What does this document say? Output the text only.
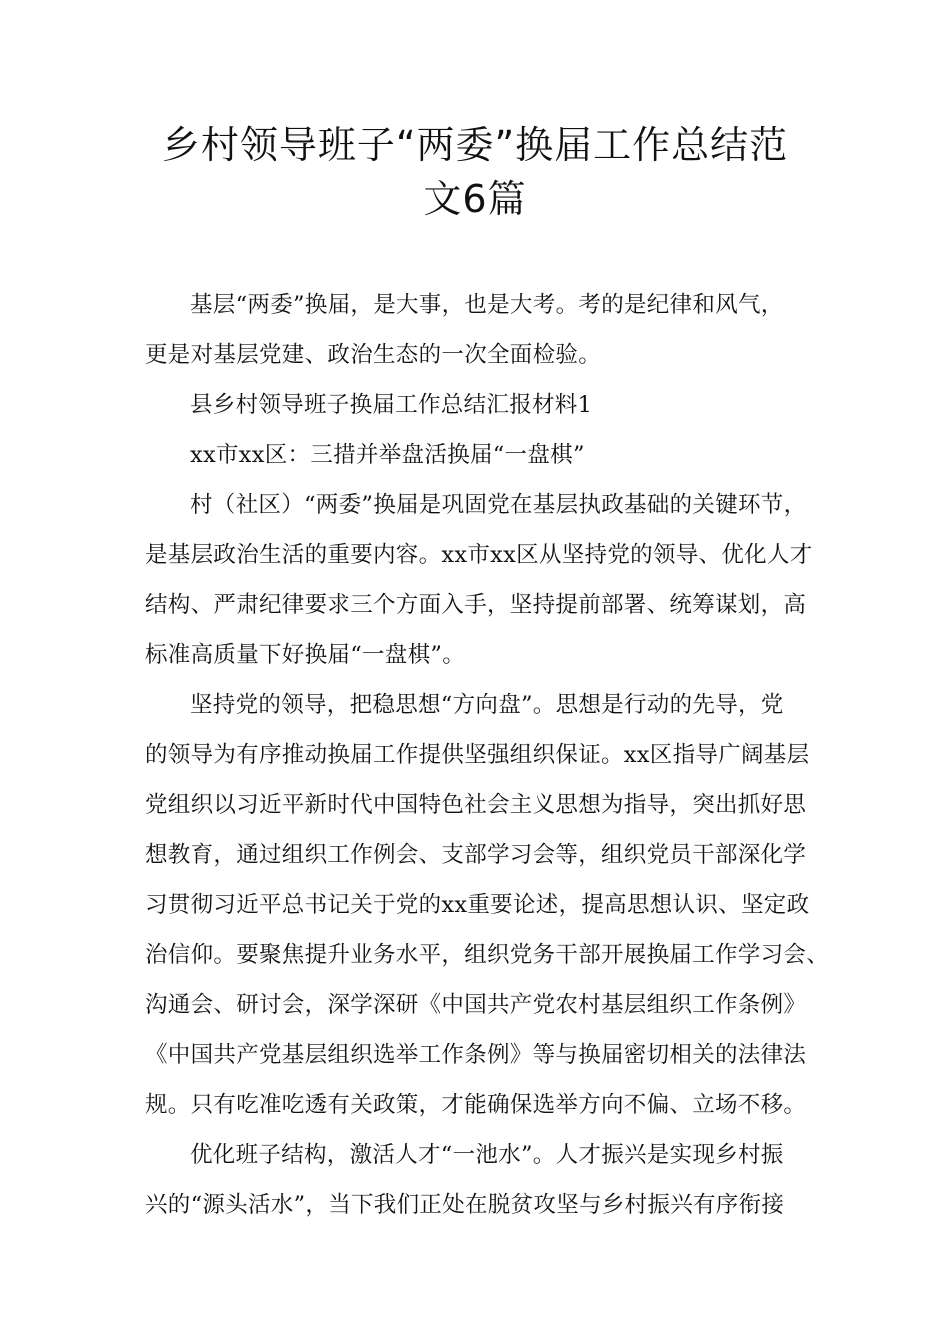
乡村领导班子“两委”换届工作总结范
文6篇
基层“两委”换届，是大事，也是大考。考的是纪律和风气，
更是对基层党建、政治生态的一次全面检验。
县乡村领导班子换届工作总结汇报材料1
xx市xx区：三措并举盘活换届“一盘棋”
村（社区）“两委”换届是巩固党在基层执政基础的关键环节，
是基层政治生活的重要内容。xx市xx区从坚持党的领导、优化人才
结构、严肃纪律要求三个方面入手，坚持提前部署、统筹谋划，高
标准高质量下好换届“一盘棋”。
坚持党的领导，把稳思想“方向盘”。思想是行动的先导，党
的领导为有序推动换届工作提供坚强组织保证。xx区指导广阔基层
党组织以习近平新时代中国特色社会主义思想为指导，突出抓好思
想教育，通过组织工作例会、支部学习会等，组织党员干部深化学
习贯彻习近平总书记关于党的xx重要论述，提高思想认识、坚定政
治信仰。要聚焦提升业务水平，组织党务干部开展换届工作学习会、
沟通会、研讨会，深学深研《中国共产党农村基层组织工作条例》
《中国共产党基层组织选举工作条例》等与换届密切相关的法律法
规。只有吃准吃透有关政策，才能确保选举方向不偏、立场不移。
优化班子结构，激活人才“一池水”。人才振兴是实现乡村振
兴的“源头活水”，当下我们正处在脱贫攻坚与乡村振兴有序衔接
